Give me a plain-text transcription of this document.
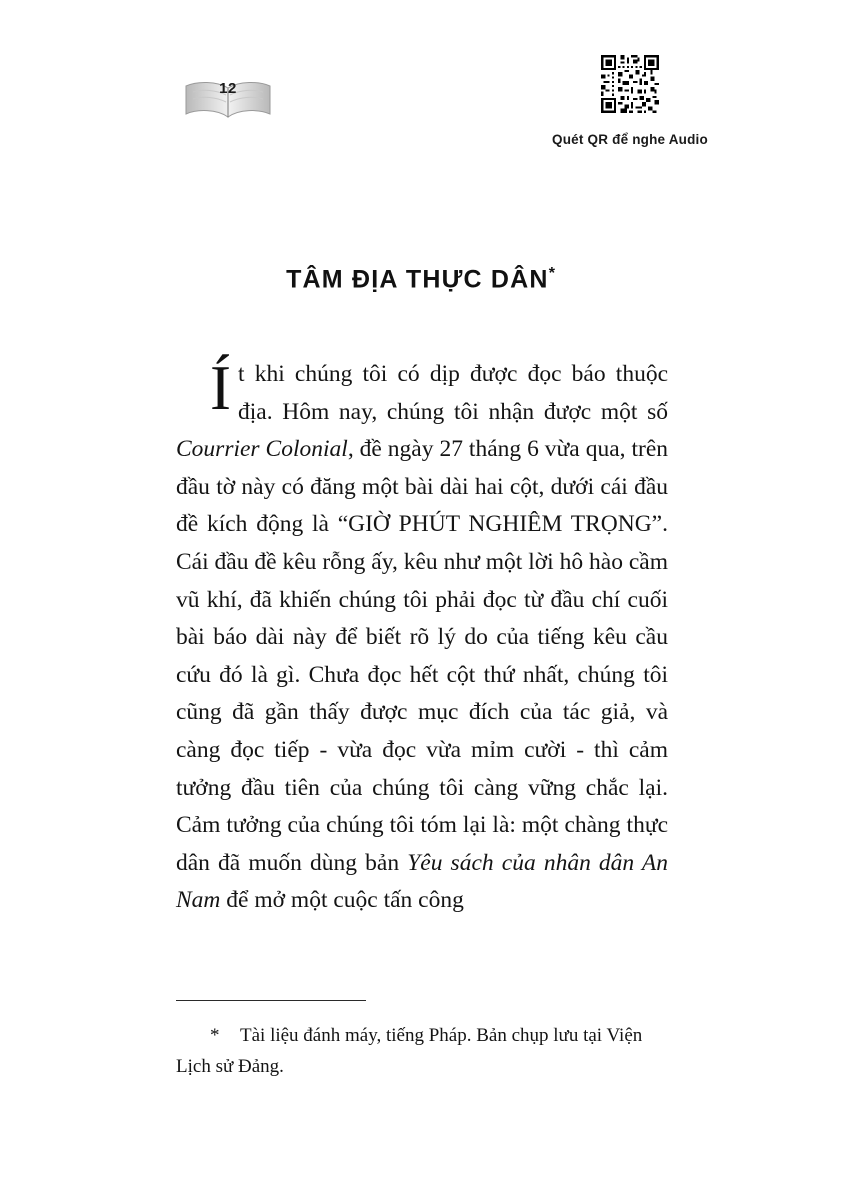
12
Quét QR để nghe Audio
TÂM ĐỊA THỰC DÂN*

Ít khi chúng tôi có dịp được đọc báo thuộc địa. Hôm nay, chúng tôi nhận được một số Courrier Colonial, đề ngày 27 tháng 6 vừa qua, trên đầu tờ này có đăng một bài dài hai cột, dưới cái đầu đề kích động là “GIỜ PHÚT NGHIÊM TRỌNG”. Cái đầu đề kêu rỗng ấy, kêu như một lời hô hào cầm vũ khí, đã khiến chúng tôi phải đọc từ đầu chí cuối bài báo dài này để biết rõ lý do của tiếng kêu cầu cứu đó là gì. Chưa đọc hết cột thứ nhất, chúng tôi cũng đã gần thấy được mục đích của tác giả, và càng đọc tiếp - vừa đọc vừa mỉm cười - thì cảm tưởng đầu tiên của chúng tôi càng vững chắc lại. Cảm tưởng của chúng tôi tóm lại là: một chàng thực dân đã muốn dùng bản Yêu sách của nhân dân An Nam để mở một cuộc tấn công

* Tài liệu đánh máy, tiếng Pháp. Bản chụp lưu tại Viện Lịch sử Đảng.
